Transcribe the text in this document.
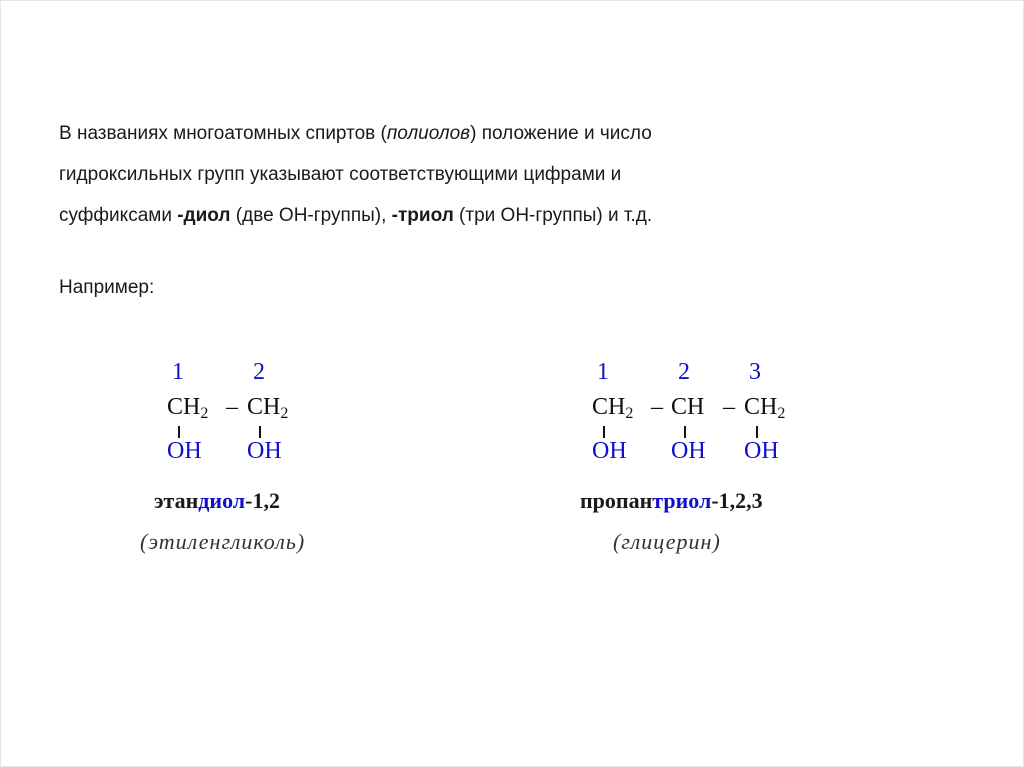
В названиях многоатомных спиртов (полиолов) положение и число
гидроксильных групп указывают соответствующими цифрами и
суффиксами -диол (две ОН-группы), -триол (три ОН-группы) и т.д.
Например:
1	2
$CH_2 - CH_2$
OH OH
этандиол-1,2
(этиленгликоль)
1	2 3
$CH_2$ – CH – $CH_2$
OH OH OH
пропантриол-1,2,3
(глицерин)
